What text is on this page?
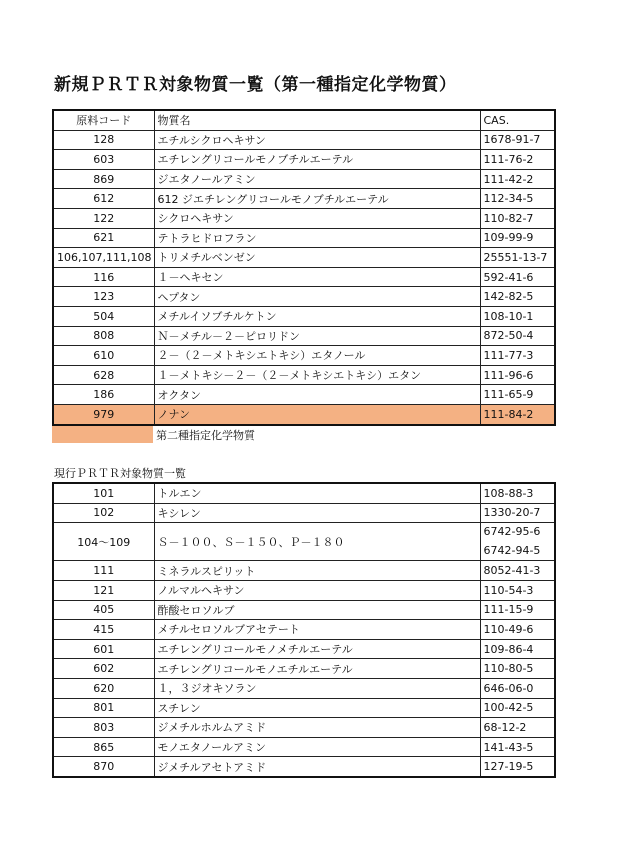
新規ＰＲＴＲ対象物質一覧（第一種指定化学物質）
原料コード	物質名	CAS.
128	エチルシクロヘキサン	1678-91-7
603	エチレングリコールモノブチルエーテル	111-76-2
869	ジエタノールアミン	111-42-2
612	612 ジエチレングリコールモノブチルエーテル	112-34-5
122	シクロヘキサン	110-82-7
621	テトラヒドロフラン	109-99-9
106,107,111,108	トリメチルベンゼン	25551-13-7
116	１－ヘキセン	592-41-6
123	ヘプタン	142-82-5
504	メチルイソブチルケトン	108-10-1
808	Ｎ－メチル－２－ピロリドン	872-50-4
610	２－（２－メトキシエトキシ）エタノール	111-77-3
628	１－メトキシ－２－（２－メトキシエトキシ）エタン	111-96-6
186	オクタン	111-65-9
979	ノナン	111-84-2
第二種指定化学物質
現行ＰＲＴＲ対象物質一覧
101	トルエン	108-88-3
102	キシレン	1330-20-7
104～109	Ｓ－１００、Ｓ－１５０、Ｐ－１８０	6742-95-6
6742-94-5

111	ミネラルスピリット	8052-41-3
121	ノルマルヘキサン	110-54-3
405	酢酸セロソルブ	111-15-9
415	メチルセロソルブアセテート	110-49-6
601	エチレングリコールモノメチルエーテル	109-86-4
602	エチレングリコールモノエチルエーテル	110-80-5
620	１，３ジオキソラン	646-06-0
801	スチレン	100-42-5
803	ジメチルホルムアミド	68-12-2
865	モノエタノールアミン	141-43-5
870	ジメチルアセトアミド	127-19-5
